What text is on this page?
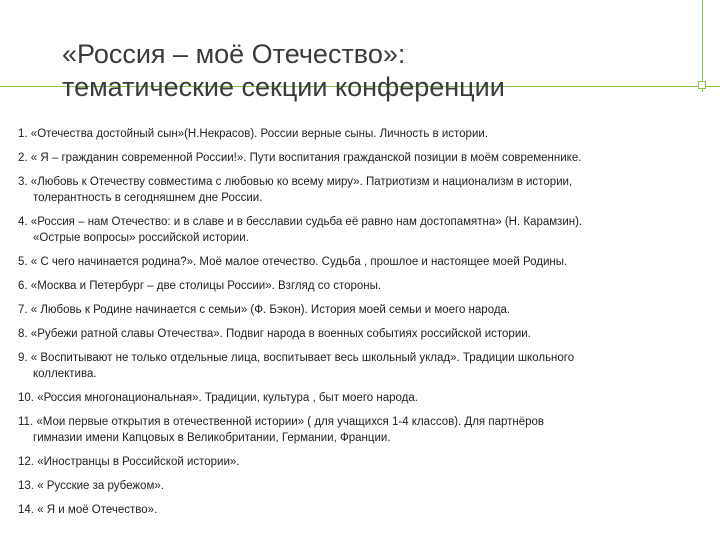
«Россия – моё Отечество»:
тематические секции конференции
1. «Отечества достойный сын»(Н.Некрасов). России верные сыны. Личность в истории.
2. « Я – гражданин современной России!». Пути воспитания гражданской позиции в моём современнике.
3. «Любовь к Отечеству совместима с любовью ко всему миру». Патриотизм и национализм в истории,
толерантность в сегодняшнем дне России.
4. «Россия – нам Отечество: и в славе и в бесславии судьба её равно нам достопамятна» (Н. Карамзин).
«Острые вопросы» российской истории.
5. « С чего начинается родина?». Моё малое отечество. Судьба , прошлое и настоящее моей Родины.
6. «Москва и Петербург – две столицы России». Взгляд со стороны.
7. « Любовь к Родине начинается с семьи» (Ф. Бэкон). История моей семьи и моего народа.
8. «Рубежи ратной славы Отечества». Подвиг народа в военных событиях российской истории.
9. « Воспитывают не только отдельные лица, воспитывает весь школьный уклад». Традиции школьного
коллектива.
10. «Россия многонациональная». Традиции, культура , быт моего народа.
11. «Мои первые открытия в отечественной истории» ( для учащихся 1-4 классов). Для партнёров
гимназии имени Капцовых в Великобритании, Германии, Франции.
12. «Иностранцы в Российской истории».
13. « Русские за рубежом».
14. « Я и моё Отечество».
